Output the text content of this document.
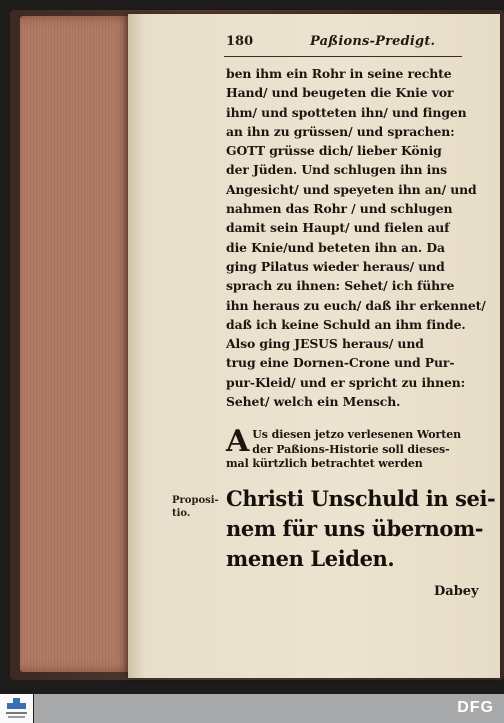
180	Paßions-Predigt.
ben ihm ein Rohr in seine rechte
Hand/ und beugeten die Knie vor
ihm/ und spotteten ihn/ und fingen
an ihn zu grüssen/ und sprachen:
GOTT grüsse dich/ lieber König
der Jüden. Und schlugen ihn ins
Angesicht/ und speyeten ihn an/ und
nahmen das Rohr / und schlugen
damit sein Haupt/ und fielen auf
die Knie/und beteten ihn an. Da
ging Pilatus wieder heraus/ und
sprach zu ihnen: Sehet/ ich führe
ihn heraus zu euch/ daß ihr erkennet/
daß ich keine Schuld an ihm finde.
Also ging JESUS heraus/ und
trug eine Dornen-Crone und Pur-
pur-Kleid/ und er spricht zu ihnen:
Sehet/ welch ein Mensch.
A Us diesen jetzo verlesenen Worten
der Paßions-Historie soll dieses-
mal kürtzlich betrachtet werden
Proposi-
tio.
Christi Unschuld in sei-
nem für uns übernom-
menen Leiden.
Dabey
DFG
